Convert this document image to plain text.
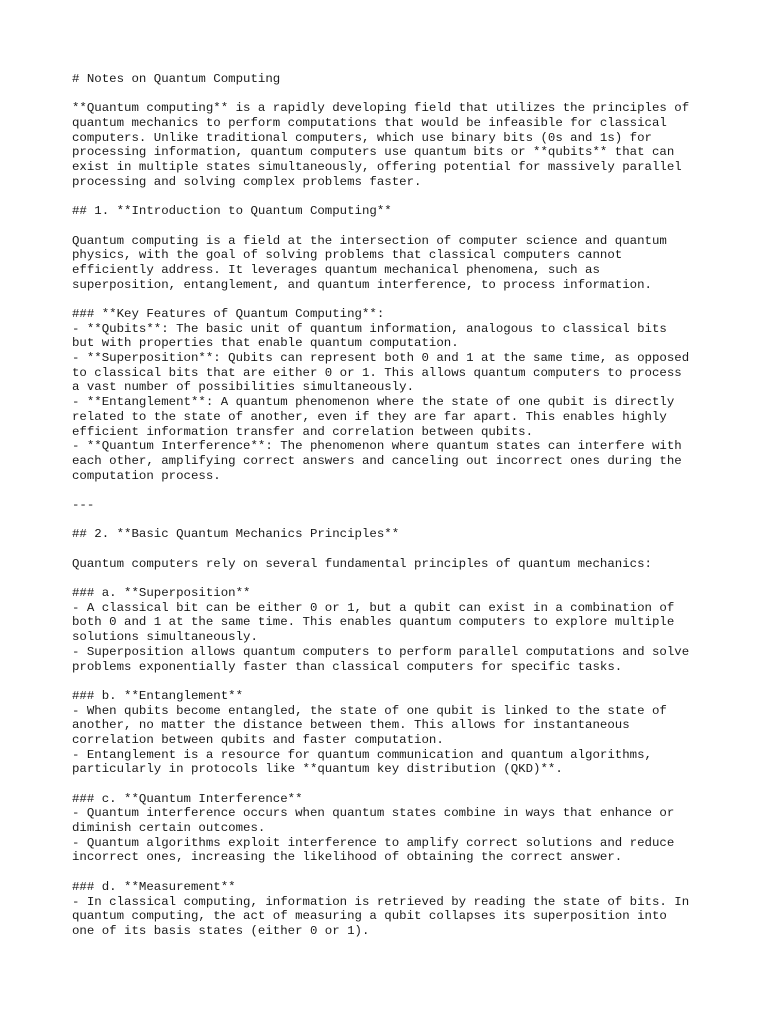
# Notes on Quantum Computing
**Quantum computing** is a rapidly developing field that utilizes the principles of
quantum mechanics to perform computations that would be infeasible for classical
computers. Unlike traditional computers, which use binary bits (0s and 1s) for
processing information, quantum computers use quantum bits or **qubits** that can
exist in multiple states simultaneously, offering potential for massively parallel
processing and solving complex problems faster.
## 1. **Introduction to Quantum Computing**
Quantum computing is a field at the intersection of computer science and quantum
physics, with the goal of solving problems that classical computers cannot
efficiently address. It leverages quantum mechanical phenomena, such as
superposition, entanglement, and quantum interference, to process information.
### **Key Features of Quantum Computing**:
- **Qubits**: The basic unit of quantum information, analogous to classical bits
but with properties that enable quantum computation.
- **Superposition**: Qubits can represent both 0 and 1 at the same time, as opposed
to classical bits that are either 0 or 1. This allows quantum computers to process
a vast number of possibilities simultaneously.
- **Entanglement**: A quantum phenomenon where the state of one qubit is directly
related to the state of another, even if they are far apart. This enables highly
efficient information transfer and correlation between qubits.
- **Quantum Interference**: The phenomenon where quantum states can interfere with
each other, amplifying correct answers and canceling out incorrect ones during the
computation process.
---
## 2. **Basic Quantum Mechanics Principles**
Quantum computers rely on several fundamental principles of quantum mechanics:
### a. **Superposition**
- A classical bit can be either 0 or 1, but a qubit can exist in a combination of
both 0 and 1 at the same time. This enables quantum computers to explore multiple
solutions simultaneously.
- Superposition allows quantum computers to perform parallel computations and solve
problems exponentially faster than classical computers for specific tasks.
### b. **Entanglement**
- When qubits become entangled, the state of one qubit is linked to the state of
another, no matter the distance between them. This allows for instantaneous
correlation between qubits and faster computation.
- Entanglement is a resource for quantum communication and quantum algorithms,
particularly in protocols like **quantum key distribution (QKD)**.
### c. **Quantum Interference**
- Quantum interference occurs when quantum states combine in ways that enhance or
diminish certain outcomes.
- Quantum algorithms exploit interference to amplify correct solutions and reduce
incorrect ones, increasing the likelihood of obtaining the correct answer.
### d. **Measurement**
- In classical computing, information is retrieved by reading the state of bits. In
quantum computing, the act of measuring a qubit collapses its superposition into
one of its basis states (either 0 or 1).
